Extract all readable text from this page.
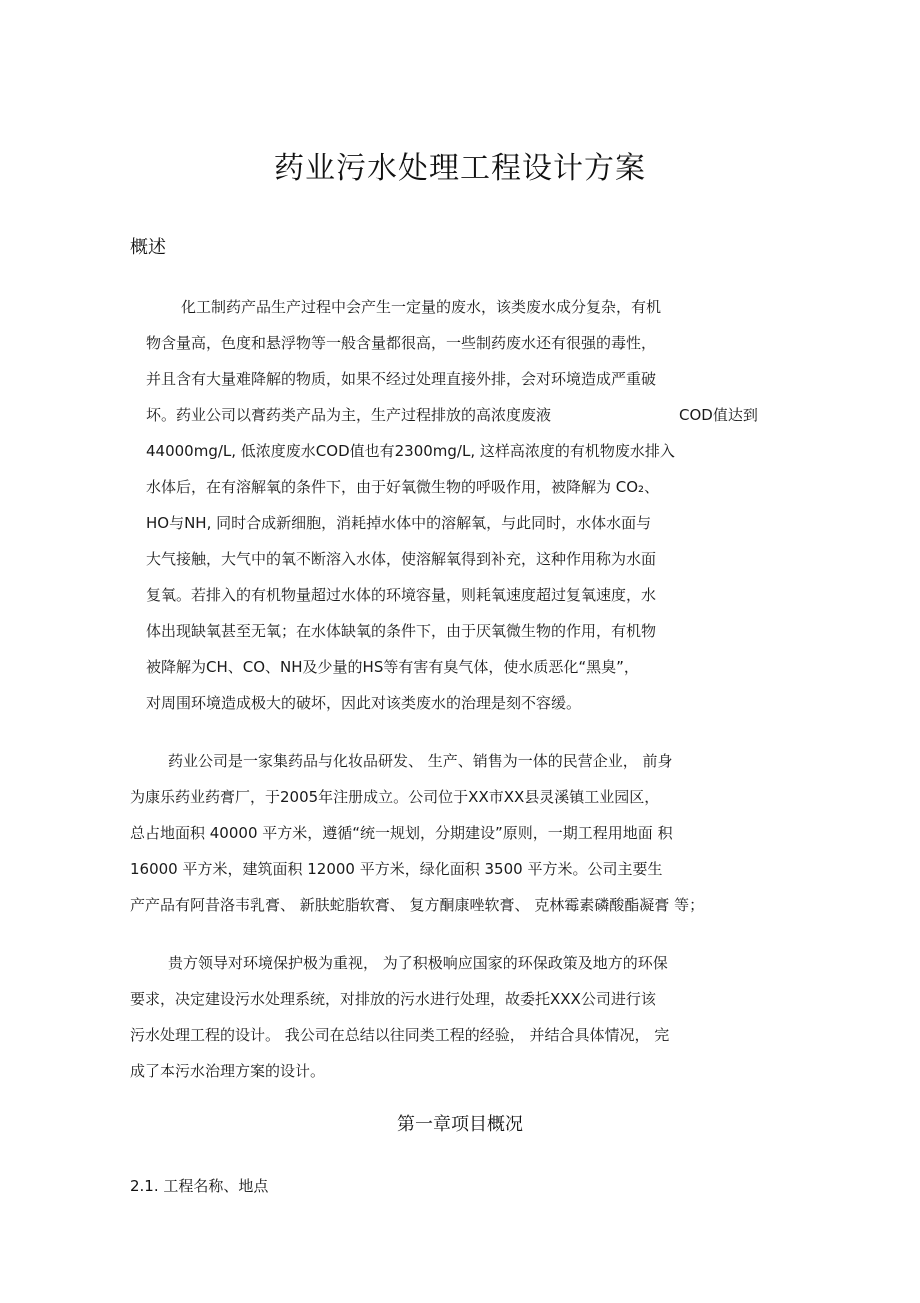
药业污水处理工程设计方案
概述
化工制药产品生产过程中会产生一定量的废水，该类废水成分复杂，有机
物含量高，色度和悬浮物等一般含量都很高，一些制药废水还有很强的毒性，
并且含有大量难降解的物质，如果不经过处理直接外排，会对环境造成严重破
坏。药业公司以膏药类产品为主，生产过程排放的高浓度废液	COD值达到
44000mg/L, 低浓度废水COD值也有2300mg/L, 这样高浓度的有机物废水排入
水体后，在有溶解氧的条件下，由于好氧微生物的呼吸作用，被降解为 CO₂、
HO与NH, 同时合成新细胞，消耗掉水体中的溶解氧，与此同时，水体水面与
大气接触，大气中的氧不断溶入水体，使溶解氧得到补充，这种作用称为水面
复氧。若排入的有机物量超过水体的环境容量，则耗氧速度超过复氧速度，水
体出现缺氧甚至无氧；在水体缺氧的条件下，由于厌氧微生物的作用，有机物
被降解为CH、CO、NH及少量的HS等有害有臭气体，使水质恶化“黑臭”，
对周围环境造成极大的破坏，因此对该类废水的治理是刻不容缓。
药业公司是一家集药品与化妆品研发、 生产、销售为一体的民营企业， 前身
为康乐药业药膏厂，于2005年注册成立。公司位于XX市XX县灵溪镇工业园区，
总占地面积 40000 平方米，遵循“统一规划，分期建设”原则，一期工程用地面 积
16000 平方米，建筑面积 12000 平方米，绿化面积 3500 平方米。公司主要生
产产品有阿昔洛韦乳膏、 新肤蛇脂软膏、 复方酮康唑软膏、 克林霉素磷酸酯凝膏 等；
贵方领导对环境保护极为重视， 为了积极响应国家的环保政策及地方的环保
要求，决定建设污水处理系统，对排放的污水进行处理，故委托XXX公司进行该
污水处理工程的设计。 我公司在总结以往同类工程的经验， 并结合具体情况， 完
成了本污水治理方案的设计。
第一章项目概况
2.1. 工程名称、地点
